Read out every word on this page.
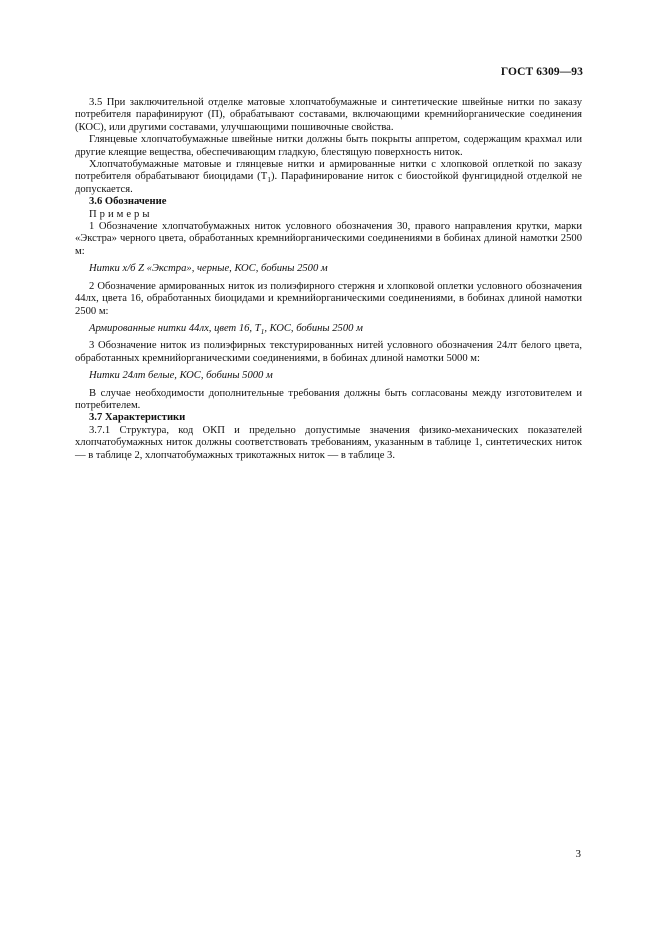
ГОСТ 6309—93

3.5 При заключительной отделке матовые хлопчатобумажные и синтетические швейные нитки по заказу потребителя парафинируют (П), обрабатывают составами, включающими кремнийорганические соединения (КОС), или другими составами, улучшающими пошивочные свойства.

Глянцевые хлопчатобумажные швейные нитки должны быть покрыты аппретом, содержащим крахмал или другие клеящие вещества, обеспечивающим гладкую, блестящую поверхность ниток.

Хлопчатобумажные матовые и глянцевые нитки и армированные нитки с хлопковой оплеткой по заказу потребителя обрабатывают биоцидами $(Т_1)$. Парафинирование ниток с биостойкой фунгицидной отделкой не допускается.

3.6 Обозначение

Примеры

1 Обозначение хлопчатобумажных ниток условного обозначения 30, правого направления крутки, марки «Экстра» черного цвета, обработанных кремнийорганическими соединениями в бобинах длиной намотки 2500 м:

Нитки х/б Z «Экстра», черные, КОС, бобины 2500 м

2 Обозначение армированных ниток из полиэфирного стержня и хлопковой оплетки условного обозначения 44лх, цвета 16, обработанных биоцидами и кремнийорганическими соединениями, в бобинах длиной намотки 2500 м:

Армированные нитки 44лх, цвет 16, $Т_1$, КОС, бобины 2500 м

3 Обозначение ниток из полиэфирных текстурированных нитей условного обозначения 24лт белого цвета, обработанных кремнийорганическими соединениями, в бобинах длиной намотки 5000 м:

Нитки 24лт белые, КОС, бобины 5000 м

В случае необходимости дополнительные требования должны быть согласованы между изготовителем и потребителем.

3.7 Характеристики

3.7.1 Структура, код ОКП и предельно допустимые значения физико-механических показателей хлопчатобумажных ниток должны соответствовать требованиям, указанным в таблице 1, синтетических ниток — в таблице 2, хлопчатобумажных трикотажных ниток — в таблице 3.

3
